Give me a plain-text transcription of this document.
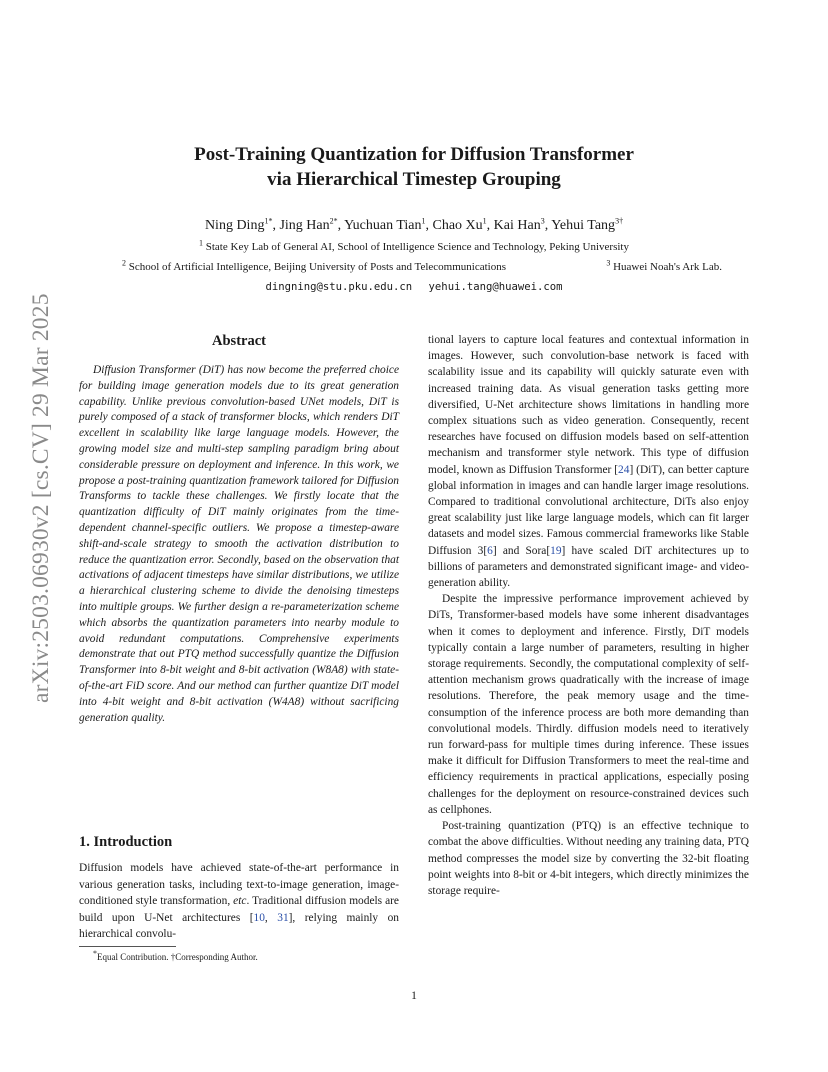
arXiv:2503.06930v2 [cs.CV] 29 Mar 2025
Post-Training Quantization for Diffusion Transformer
via Hierarchical Timestep Grouping
Ning Ding$^{1*}$, Jing Han$^{2*}$, Yuchuan Tian$^1$, Chao Xu$^1$, Kai Han$^3$, Yehui Tang$^{3\dagger}$
$^1$ State Key Lab of General AI, School of Intelligence Science and Technology, Peking University
$^2$ School of Artificial Intelligence, Beijing University of Posts and Telecommunications	$^3$ Huawei Noah's Ark Lab.
dingning@stu.pku.edu.cn yehui.tang@huawei.com
Abstract

Diffusion Transformer (DiT) has now become the preferred choice for building image generation models due to its great generation capability. Unlike previous convolution-based UNet models, DiT is purely composed of a stack of transformer blocks, which renders DiT excellent in scalability like large language models. However, the growing model size and multi-step sampling paradigm bring about considerable pressure on deployment and inference. In this work, we propose a post-training quantization framework tailored for Diffusion Transforms to tackle these challenges. We firstly locate that the quantization difficulty of DiT mainly originates from the time-dependent channel-specific outliers. We propose a timestep-aware shift-and-scale strategy to smooth the activation distribution to reduce the quantization error. Secondly, based on the observation that activations of adjacent timesteps have similar distributions, we utilize a hierarchical clustering scheme to divide the denoising timesteps into multiple groups. We further design a re-parameterization scheme which absorbs the quantization parameters into nearby module to avoid redundant computations. Comprehensive experiments demonstrate that out PTQ method successfully quantize the Diffusion Transformer into 8-bit weight and 8-bit activation (W8A8) with state-of-the-art FiD score. And our method can further quantize DiT model into 4-bit weight and 8-bit activation (W4A8) without sacrificing generation quality.

1. Introduction

Diffusion models have achieved state-of-the-art performance in various generation tasks, including text-to-image generation, image-conditioned style transformation, etc. Traditional diffusion models are build upon U-Net architectures [10, 31], relying mainly on hierarchical convolu-

*Equal Contribution. †Corresponding Author.

tional layers to capture local features and contextual information in images. However, such convolution-base network is faced with scalability issue and its capability will quickly saturate even with increased training data. As visual generation tasks getting more diversified, U-Net architecture shows limitations in handling more complex situations such as video generation. Consequently, recent researches have focused on diffusion models based on self-attention mechanism and transformer style network. This type of diffusion model, known as Diffusion Transformer [24] (DiT), can better capture global information in images and can handle larger image resolutions. Compared to traditional convolutional architecture, DiTs also enjoy great scalability just like large language models, which can fit larger datasets and model sizes. Famous commercial frameworks like Stable Diffusion 3[6] and Sora[19] have scaled DiT architectures up to billions of parameters and demonstrated significant image- and video-generation ability.

Despite the impressive performance improvement achieved by DiTs, Transformer-based models have some inherent disadvantages when it comes to deployment and inference. Firstly, DiT models typically contain a large number of parameters, resulting in higher storage requirements. Secondly, the computational complexity of self-attention mechanism grows quadratically with the increase of image resolutions. Therefore, the peak memory usage and the time-consumption of the inference process are both more demanding than convolutional models. Thirdly. diffusion models need to iteratively run forward-pass for multiple times during inference. These issues make it difficult for Diffusion Transformers to meet the real-time and efficiency requirements in practical applications, especially posing challenges for the deployment on resource-constrained devices such as cellphones.

Post-training quantization (PTQ) is an effective technique to combat the above difficulties. Without needing any training data, PTQ method compresses the model size by converting the 32-bit floating point weights into 8-bit or 4-bit integers, which directly minimizes the storage require-

1
